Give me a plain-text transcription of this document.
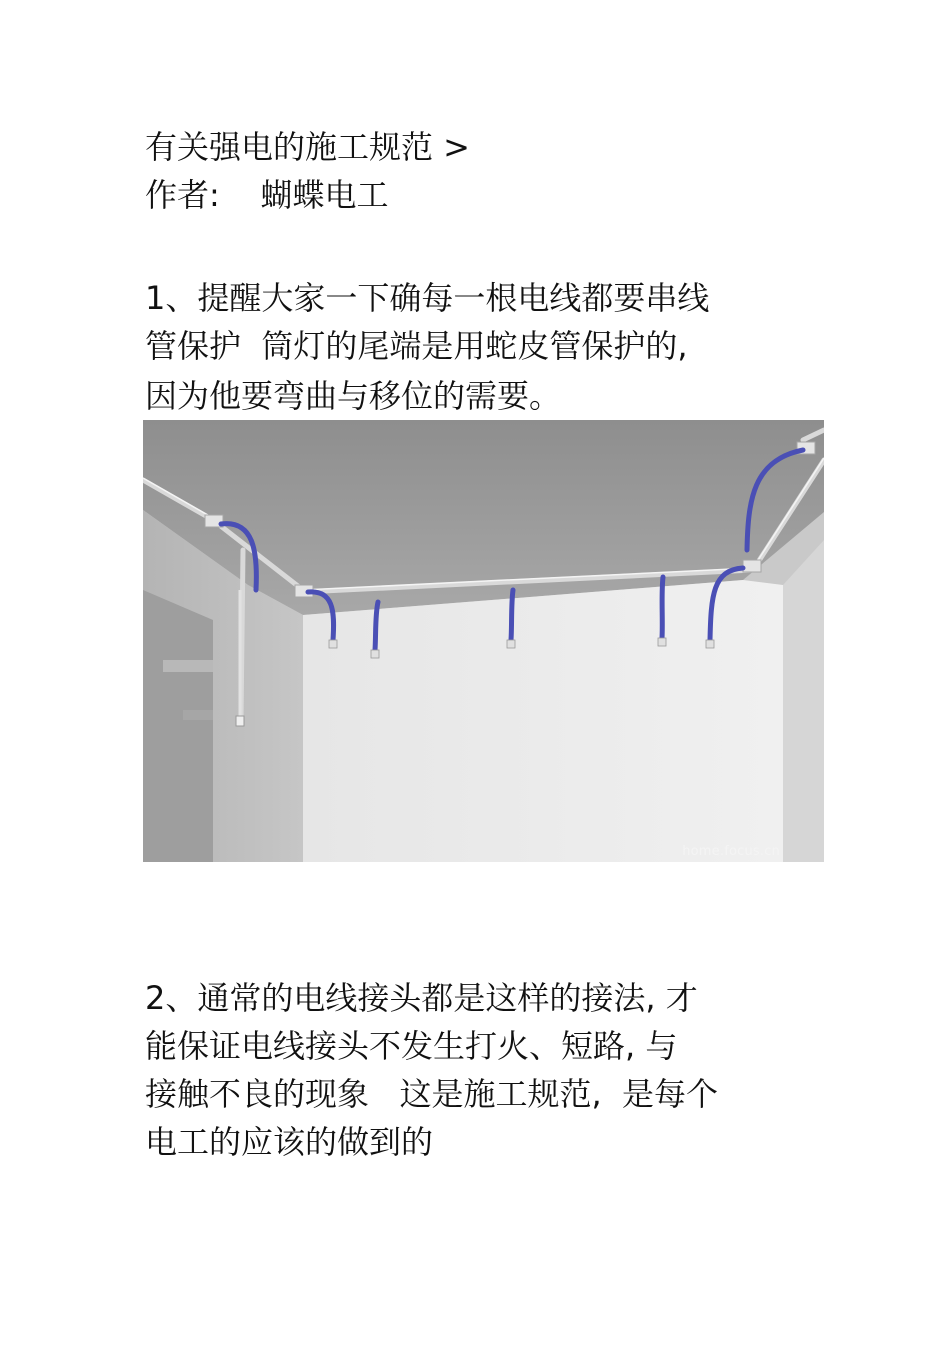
有关强电的施工规范 >
作者:    蝴蝶电工
1、提醒大家一下确每一根电线都要串线
管保护  筒灯的尾端是用蛇皮管保护的,
因为他要弯曲与移位的需要。
home.focus.cn
2、通常的电线接头都是这样的接法, 才
能保证电线接头不发生打火、短路, 与
接触不良的现象   这是施工规范,  是每个
电工的应该的做到的
